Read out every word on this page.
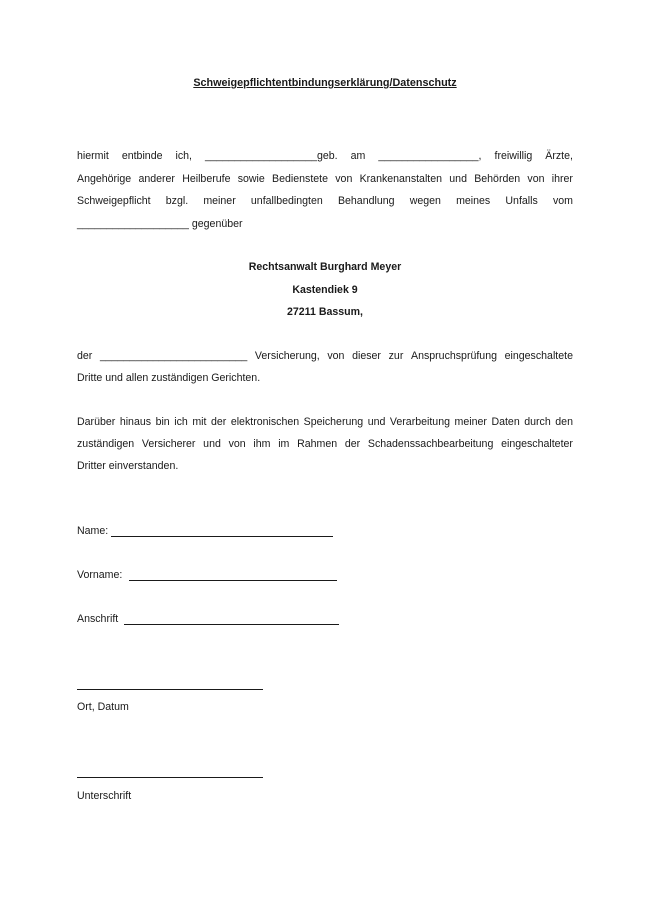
Schweigepflichtentbindungserklärung/Datenschutz
hiermit entbinde ich, ___________________geb. am _________________, freiwillig Ärzte,
Angehörige anderer Heilberufe sowie Bedienstete von Krankenanstalten und Behörden von ihrer
Schweigepflicht bzgl. meiner unfallbedingten Behandlung wegen meines Unfalls vom
___________________ gegenüber
Rechtsanwalt Burghard Meyer
Kastendiek 9
27211 Bassum,
der _________________________ Versicherung, von dieser zur Anspruchsprüfung eingeschaltete
Dritte und allen zuständigen Gerichten.
Darüber hinaus bin ich mit der elektronischen Speicherung und Verarbeitung meiner Daten durch den
zuständigen Versicherer und von ihm im Rahmen der Schadenssachbearbeitung eingeschalteter
Dritter einverstanden.
Name:
Vorname:
Anschrift
Ort, Datum
Unterschrift
